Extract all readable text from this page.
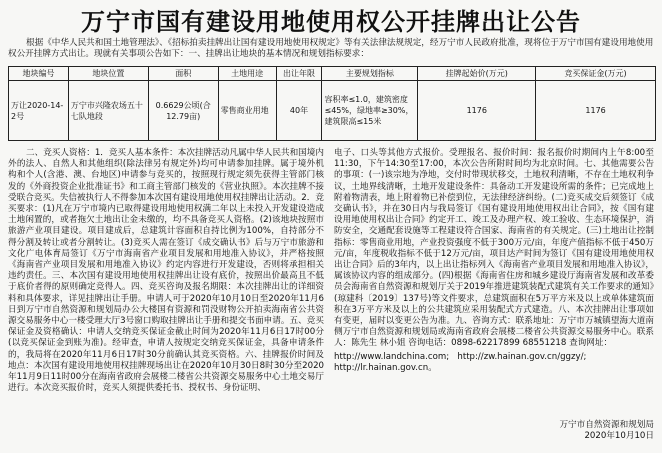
万宁市国有建设用地使用权公开挂牌出让公告
根据《中华人民共和国土地管理法》、《招标拍卖挂牌出让国有建设用地使用权规定》等有关法律法规规定，经万宁市人民政府批准，现将位于万宁市国有建设用地使用权公开挂牌方式出让。现就有关事项公告如下：一、挂牌出让地块的基本情况和规划指标要求：
地块编号	地块位置	面积	土地用途	出让年限	主要规划指标	挂牌起始价(万元)	竞买保证金(万元)
万让2020-14-2号	万宁市兴隆农场五十七队地段	0.6629公顷(合12.79亩)	零售商业用地	40年	容积率≤1.0，建筑密度≤45%，绿地率≥30%，建筑限高≤15米	1176	1176

二、竞买人资格：1．竞买人基本条件：本次挂牌活动凡属中华人民共和国境内外的法人、自然人和其他组织(除法律另有规定外)均可申请参加挂牌。属于境外机构和个人(含港、澳、台地区)申请参与竞买的，按照现行规定须先获得主管部门核发的《外商投资企业批准证书》和工商主管部门核发的《营业执照》。本次挂牌不接受联合竞买。失信被执行人不得参加本次国有建设用地使用权挂牌出让活动。2．竞买要求：(1)凡在万宁市境内已取得建设用地使用权满二年以上未投入开发建设造成土地闲置的，或者拖欠土地出让金未缴的，均不具备竞买人资格。(2)该地块按照市旅游产业项目建设。项目建成后，总建筑计容面积自持比例为100%，自持部分不得分割及转让或者分割转让。(3)竞买人需在签订《成交确认书》后与万宁市旅游和文化广电体育局签订《万宁市海南省产业项目发展和用地准入协议》，并严格按照《海南省产业项目发展和用地准入协议》约定内容进行开发建设，否则将承担相关违约责任。三、本次国有建设用地使用权挂牌出让设有底价，按照出价最高且不低于底价者得的原则确定竞得人。四、竞买咨询及报名期限：本次挂牌出让的详细资料和具体要求，详见挂牌出让手册。申请人可于2020年10月10日至2020年11月6日到万宁市自然资源和规划局办公大楼国有资源和罚没财物公开拍卖海南省公共资源交易服务中心一楼受理大厅3号窗口购取挂牌出让手册和提交书面申请。五、竞买保证金及资格确认：申请人交纳竞买保证金截止时间为2020年11月6日17时00分(以竞买保证金到账为准)。经审查，申请人按规定交纳竞买保证金，具备申请条件的，我局将在2020年11月6日17时30分前确认其竞买资格。六、挂牌报价时间及地点：本次国有建设用地使用权挂牌现场出让在2020年10月30日8时30分至2020年11月9日11时00分在海南省政府会展楼二楼省公共资源交易服务中心土地交易厅进行。本次竞买报价时，竞买人须提供委托书、授权书、身份证明、

电子、口头等其他方式报价。受理报名、报价时间：报名报价时期间内上午8:00至11:30，下午14:30至17:00，本次公告所附时间均为北京时间。七、其他需要公告的事项：(一)该宗地为净地，交付时带现状移交，土地权利清晰，不存在土地权利争议，土地界线清晰，土地开发建设条件：具备动工开发建设所需的条件；已完成地上附着物清表，地上附着物已补偿到位，无法律经济纠纷。(二)竞买成交后须签订《成交确认书》，并在30日内与我局签订《国有建设用地使用权出让合同》，按《国有建设用地使用权出让合同》约定开工、竣工及办理产权、竣工验收、生态环境保护，消防安全，交通配套设施等工程建设符合国家、海南省的有关规定。(三)土地出让控制指标：零售商业用地，产业投资强度不低于300万元/亩，年度产值指标不低于450万元/亩，年度税收指标不低于12万元/亩，项目达产时间为签订《国有建设用地使用权出让合同》后的3年内，以上出让指标列入《海南省产业项目发展和用地准入协议》，属该协议内容的组成部分。(四)根据《海南省住房和城乡建设厅海南省发展和改革委员会海南省自然资源和规划厅关于2019年推进建筑装配式建筑有关工作要求的通知》(琼建科〔2019〕137号)等文件要求，总建筑面积在5万平方米及以上或单体建筑面积在3万平方米及以上的公共建筑应采用装配式方式建造。八、本次挂牌出让事项如有变更，届时以变更公告为准。九、咨询方式：联系地址：万宁市万城镇望海大道南侧万宁市自然资源和规划局或海南省政府会展楼二楼省公共资源交易服务中心。联系人：陈先生 林小姐 咨询电话：0898-62217899 68551218 查询网址：

http://www.landchina.com; http://zw.hainan.gov.cn/ggzy/;
http://lr.hainan.gov.cn。
万宁市自然资源和规划局
2020年10月10日
